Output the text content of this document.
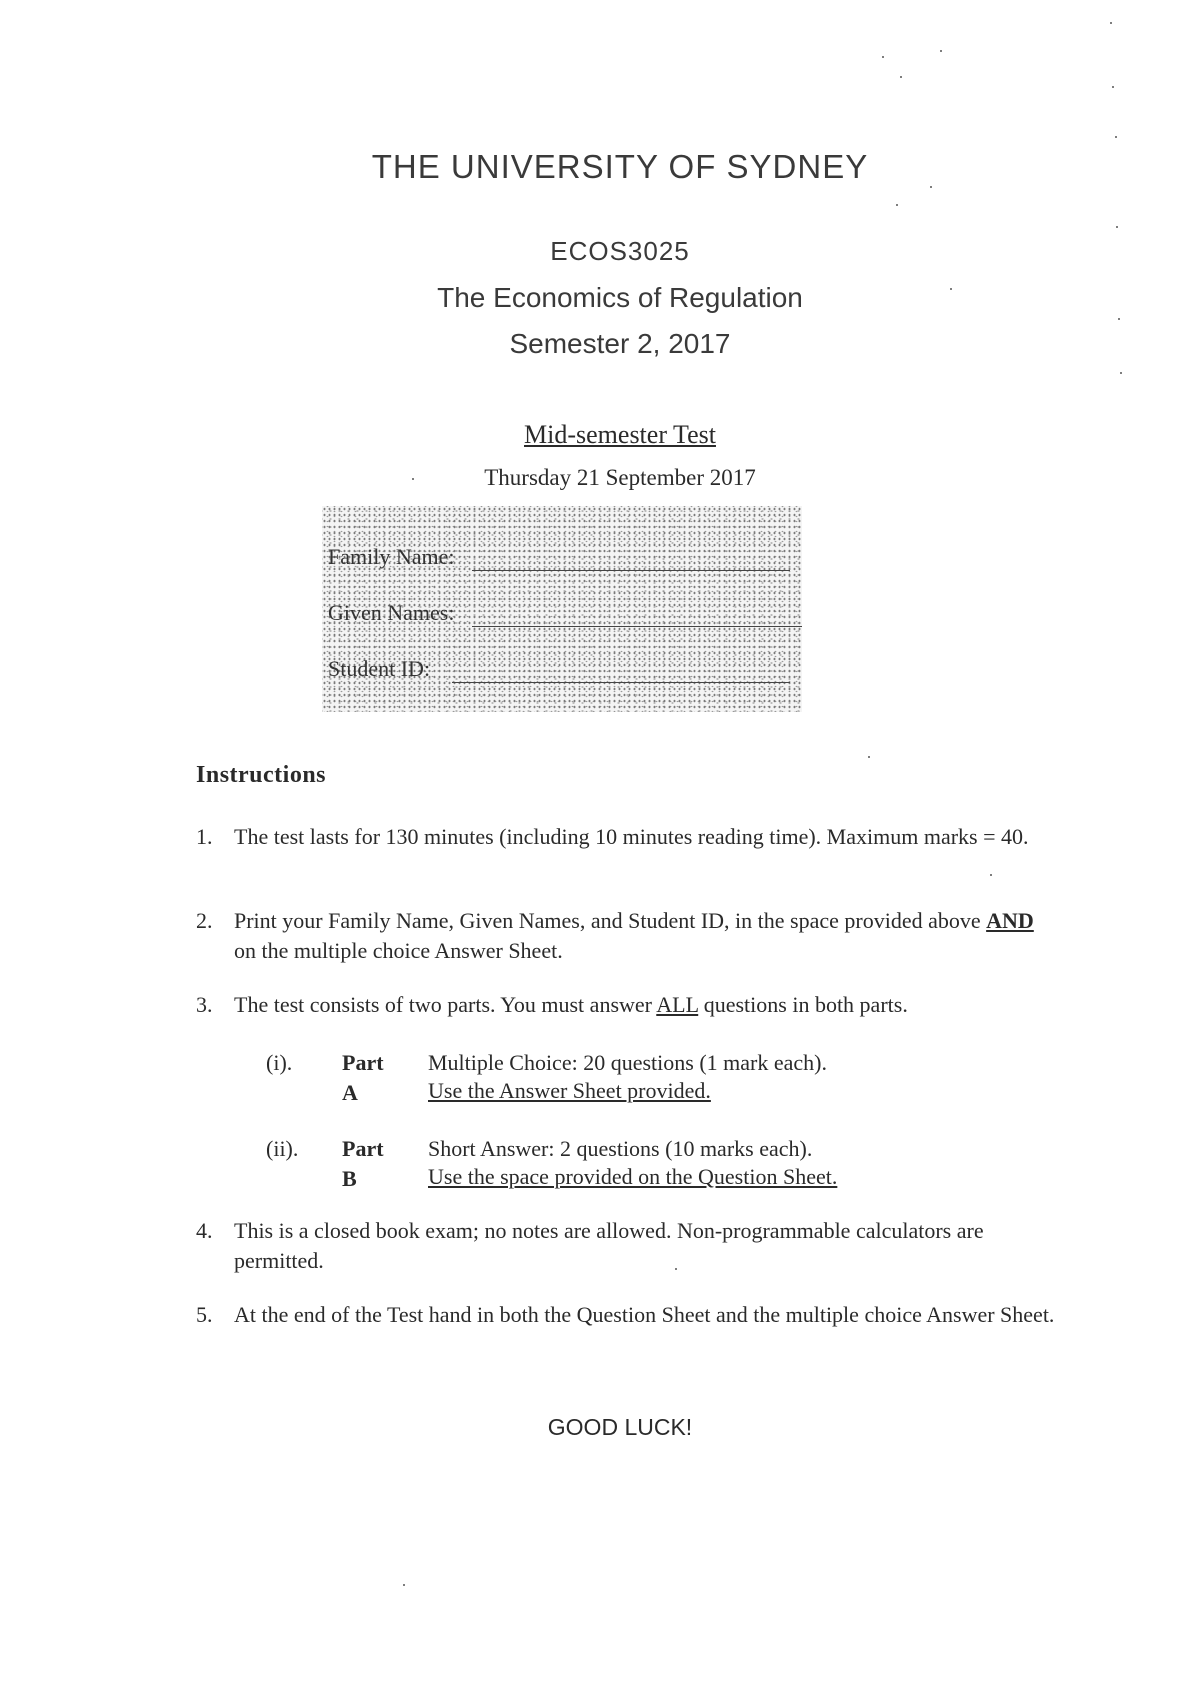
THE UNIVERSITY OF SYDNEY
ECOS3025
The Economics of Regulation
Semester 2, 2017
Mid-semester Test
Thursday 21 September 2017
Family Name:
Given Names:
Student ID:
Instructions
1. The test lasts for 130 minutes (including 10 minutes reading time). Maximum marks = 40.
2. Print your Family Name, Given Names, and Student ID, in the space provided above AND on the multiple choice Answer Sheet.
3. The test consists of two parts. You must answer ALL questions in both parts.
(i). Part A
Multiple Choice: 20 questions (1 mark each).
Use the Answer Sheet provided.
(ii). Part B
Short Answer: 2 questions (10 marks each).
Use the space provided on the Question Sheet.
4. This is a closed book exam; no notes are allowed. Non-programmable calculators are permitted.
5. At the end of the Test hand in both the Question Sheet and the multiple choice Answer Sheet.
GOOD LUCK!
